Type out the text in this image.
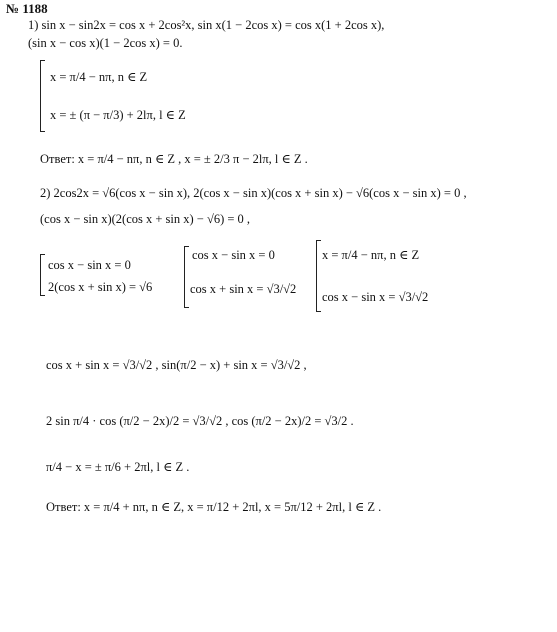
№ 1188
1) sin x − sin2x = cos x + 2cos²x, sin x(1 − 2cos x) = cos x(1 + 2cos x),
(sin x − cos x)(1 − 2cos x) = 0.
x = π/4 − nπ, n ∈ Z
x = ± (π − π/3) + 2lπ, l ∈ Z
Ответ: x = π/4 − nπ, n ∈ Z , x = ± 2/3 π − 2lπ, l ∈ Z .
2) 2cos2x = √6(cos x − sin x), 2(cos x − sin x)(cos x + sin x) − √6(cos x − sin x) = 0 ,
(cos x − sin x)(2(cos x + sin x) − √6) = 0 ,
cos x − sin x = 0
2(cos x + sin x) = √6
cos x − sin x = 0
cos x + sin x = √3/√2
x = π/4 − nπ, n ∈ Z
cos x − sin x = √3/√2
cos x + sin x = √3/√2 , sin(π/2 − x) + sin x = √3/√2 ,
2 sin π/4 · cos (π/2 − 2x)/2 = √3/√2 , cos (π/2 − 2x)/2 = √3/2 .
π/4 − x = ± π/6 + 2πl, l ∈ Z .
Ответ: x = π/4 + nπ, n ∈ Z, x = π/12 + 2πl, x = 5π/12 + 2πl, l ∈ Z .
